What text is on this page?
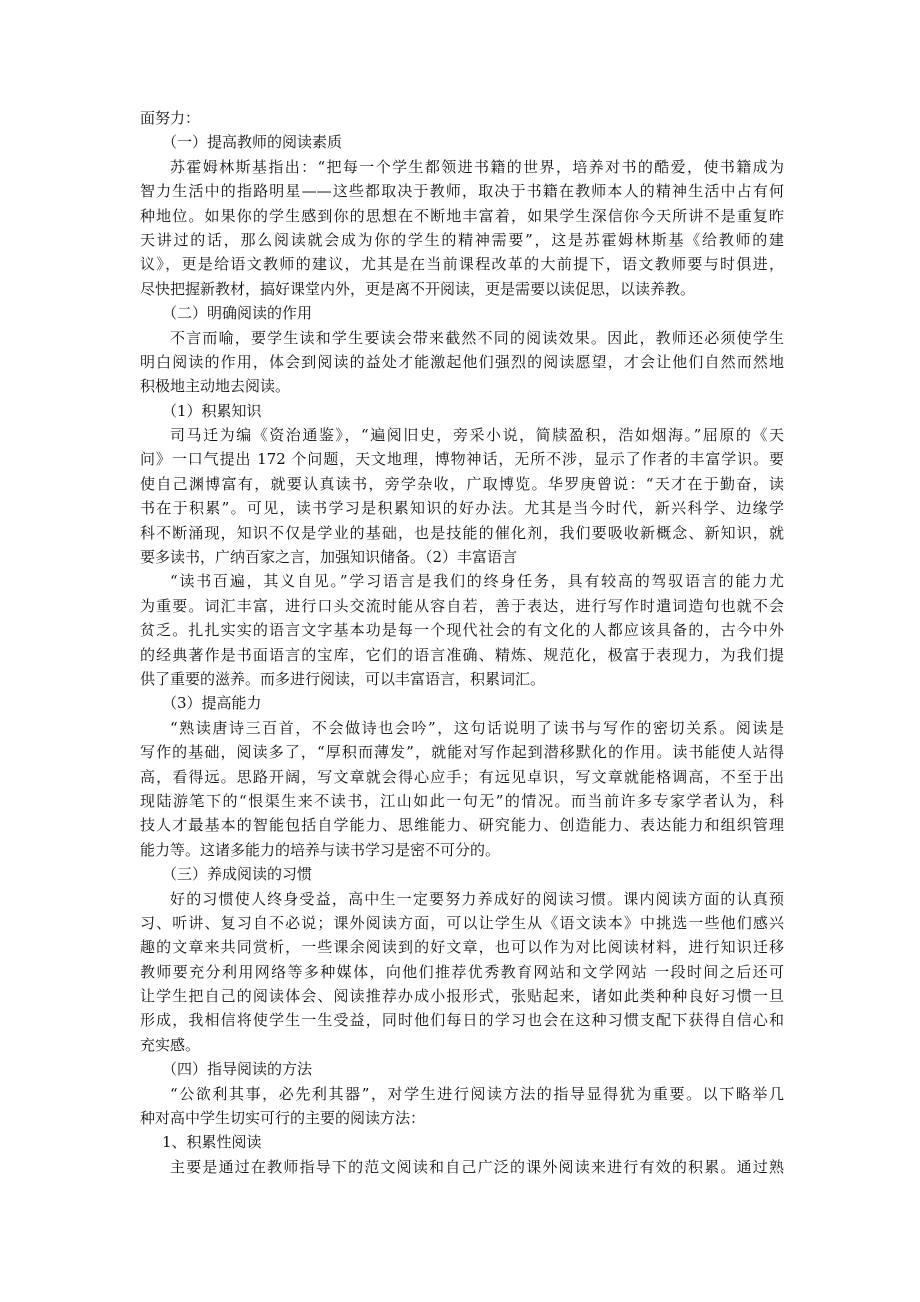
面努力：
（一）提高教师的阅读素质
苏霍姆林斯基指出：“把每一个学生都领进书籍的世界，培养对书的酷爱，使书籍成为
智力生活中的指路明星——这些都取决于教师，取决于书籍在教师本人的精神生活中占有何
种地位。如果你的学生感到你的思想在不断地丰富着，如果学生深信你今天所讲不是重复昨
天讲过的话，那么阅读就会成为你的学生的精神需要”，这是苏霍姆林斯基《给教师的建
议》，更是给语文教师的建议，尤其是在当前课程改革的大前提下，语文教师要与时俱进，
尽快把握新教材，搞好课堂内外，更是离不开阅读，更是需要以读促思，以读养教。
（二）明确阅读的作用
不言而喻，要学生读和学生要读会带来截然不同的阅读效果。因此，教师还必须使学生
明白阅读的作用，体会到阅读的益处才能激起他们强烈的阅读愿望，才会让他们自然而然地
积极地主动地去阅读。
（1）积累知识
司马迁为编《资治通鉴》，“遍阅旧史，旁采小说，简牍盈积，浩如烟海。”屈原的《天
问》一口气提出 172 个问题，天文地理，博物神话，无所不涉，显示了作者的丰富学识。要
使自己渊博富有，就要认真读书，旁学杂收，广取博览。华罗庚曾说：“天才在于勤奋，读
书在于积累”。可见，读书学习是积累知识的好办法。尤其是当今时代，新兴科学、边缘学
科不断涌现，知识不仅是学业的基础，也是技能的催化剂，我们要吸收新概念、新知识，就
要多读书，广纳百家之言，加强知识储备。（2）丰富语言
“读书百遍，其义自见。”学习语言是我们的终身任务，具有较高的驾驭语言的能力尤
为重要。词汇丰富，进行口头交流时能从容自若，善于表达，进行写作时遣词造句也就不会
贫乏。扎扎实实的语言文字基本功是每一个现代社会的有文化的人都应该具备的，古今中外
的经典著作是书面语言的宝库，它们的语言准确、精炼、规范化，极富于表现力，为我们提
供了重要的滋养。而多进行阅读，可以丰富语言，积累词汇。
（3）提高能力
“熟读唐诗三百首，不会做诗也会吟”，这句话说明了读书与写作的密切关系。阅读是
写作的基础，阅读多了，“厚积而薄发”，就能对写作起到潜移默化的作用。读书能使人站得
高，看得远。思路开阔，写文章就会得心应手；有远见卓识，写文章就能格调高，不至于出
现陆游笔下的“恨渠生来不读书，江山如此一句无”的情况。而当前许多专家学者认为，科
技人才最基本的智能包括自学能力、思维能力、研究能力、创造能力、表达能力和组织管理
能力等。这诸多能力的培养与读书学习是密不可分的。
（三）养成阅读的习惯
好的习惯使人终身受益，高中生一定要努力养成好的阅读习惯。课内阅读方面的认真预
习、听讲、复习自不必说；课外阅读方面，可以让学生从《语文读本》中挑选一些他们感兴
趣的文章来共同赏析，一些课余阅读到的好文章，也可以作为对比阅读材料，进行知识迁移
教师要充分利用网络等多种媒体，向他们推荐优秀教育网站和文学网站 一段时间之后还可
让学生把自己的阅读体会、阅读推荐办成小报形式，张贴起来，诸如此类种种良好习惯一旦
形成，我相信将使学生一生受益，同时他们每日的学习也会在这种习惯支配下获得自信心和
充实感。
（四）指导阅读的方法
“公欲利其事，必先利其器”，对学生进行阅读方法的指导显得犹为重要。以下略举几
种对高中学生切实可行的主要的阅读方法：
1、积累性阅读
主要是通过在教师指导下的范文阅读和自己广泛的课外阅读来进行有效的积累。通过熟
